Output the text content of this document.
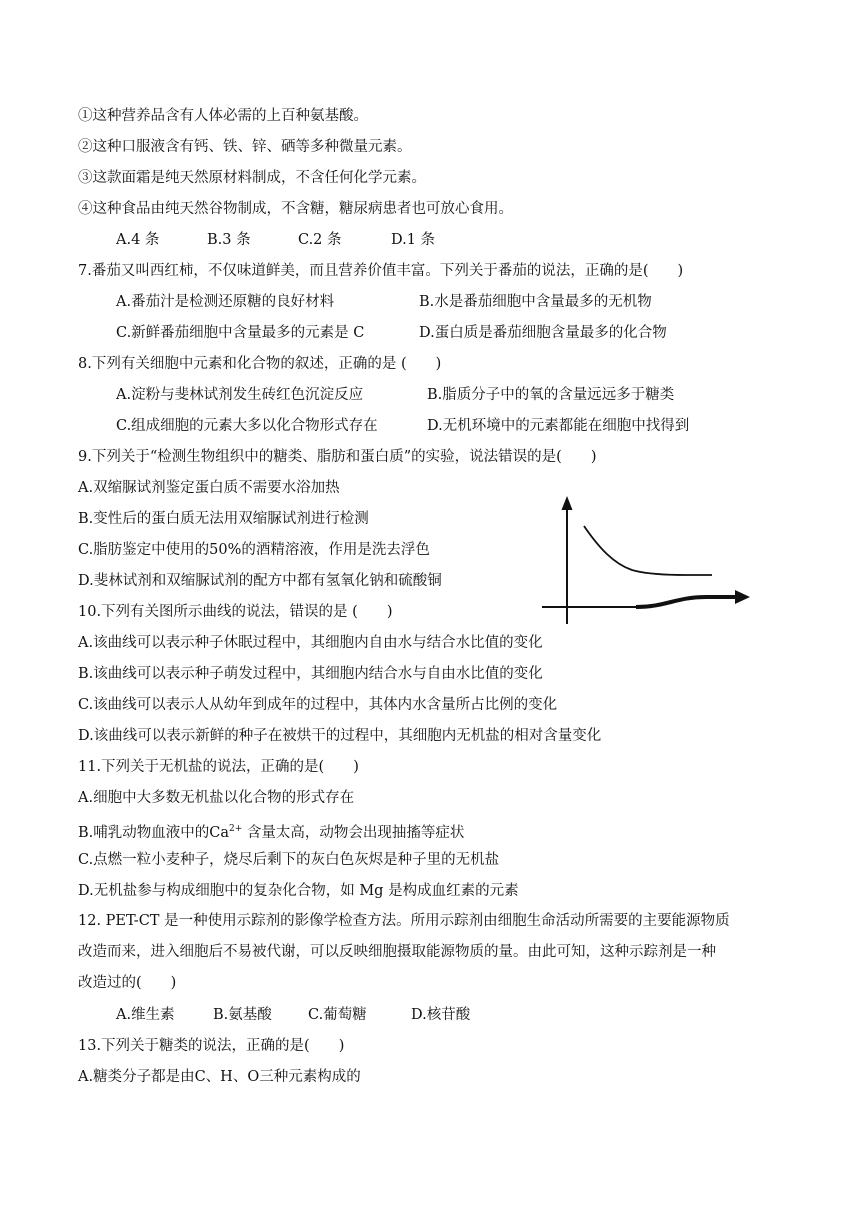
①这种营养品含有人体必需的上百种氨基酸。
②这种口服液含有钙、铁、锌、硒等多种微量元素。
③这款面霜是纯天然原材料制成，不含任何化学元素。
④这种食品由纯天然谷物制成，不含糖，糖尿病患者也可放心食用。
A.4 条	B.3 条	C.2 条	D.1 条
7.番茄又叫西红柿，不仅味道鲜美，而且营养价值丰富。下列关于番茄的说法，正确的是(　　)
A.番茄汁是检测还原糖的良好材料	B.水是番茄细胞中含量最多的无机物
C.新鲜番茄细胞中含量最多的元素是 C	D.蛋白质是番茄细胞含量最多的化合物
8.下列有关细胞中元素和化合物的叙述，正确的是 (　　)
A.淀粉与斐林试剂发生砖红色沉淀反应	B.脂质分子中的氧的含量远远多于糖类
C.组成细胞的元素大多以化合物形式存在	D.无机环境中的元素都能在细胞中找得到
9.下列关于“检测生物组织中的糖类、脂肪和蛋白质”的实验，说法错误的是(　　)
A.双缩脲试剂鉴定蛋白质不需要水浴加热
B.变性后的蛋白质无法用双缩脲试剂进行检测
C.脂肪鉴定中使用的50%的酒精溶液，作用是洗去浮色
D.斐林试剂和双缩脲试剂的配方中都有氢氧化钠和硫酸铜
10.下列有关图所示曲线的说法，错误的是 (　　)
A.该曲线可以表示种子休眠过程中，其细胞内自由水与结合水比值的变化
B.该曲线可以表示种子萌发过程中，其细胞内结合水与自由水比值的变化
C.该曲线可以表示人从幼年到成年的过程中，其体内水含量所占比例的变化
D.该曲线可以表示新鲜的种子在被烘干的过程中，其细胞内无机盐的相对含量变化
11.下列关于无机盐的说法，正确的是(　　)
A.细胞中大多数无机盐以化合物的形式存在
B.哺乳动物血液中的$Ca^{2+}$ 含量太高，动物会出现抽搐等症状
C.点燃一粒小麦种子，烧尽后剩下的灰白色灰烬是种子里的无机盐
D.无机盐参与构成细胞中的复杂化合物，如 Mg 是构成血红素的元素
12. PET-CT 是一种使用示踪剂的影像学检查方法。所用示踪剂由细胞生命活动所需要的主要能源物质
改造而来，进入细胞后不易被代谢，可以反映细胞摄取能源物质的量。由此可知，这种示踪剂是一种
改造过的(　　)
A.维生素	B.氨基酸 C.葡萄糖	D.核苷酸
13.下列关于糖类的说法，正确的是(　　)
A.糖类分子都是由C、H、O三种元素构成的
